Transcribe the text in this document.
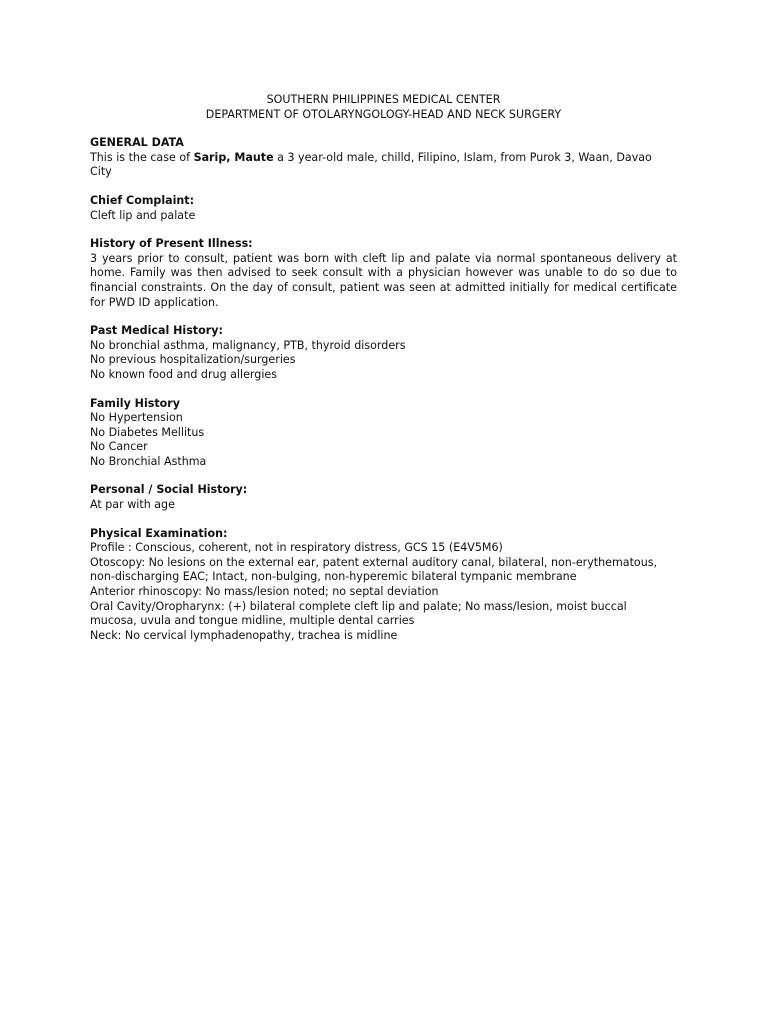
SOUTHERN PHILIPPINES MEDICAL CENTER
DEPARTMENT OF OTOLARYNGOLOGY-HEAD AND NECK SURGERY
GENERAL DATA
This is the case of Sarip, Maute a 3 year-old male, chilld, Filipino, Islam, from Purok 3, Waan, Davao City
Chief Complaint:
Cleft lip and palate
History of Present Illness:
3 years prior to consult, patient was born with cleft lip and palate via normal spontaneous delivery at home. Family was then advised to seek consult with a physician however was unable to do so due to financial constraints. On the day of consult, patient was seen at admitted initially for medical certificate for PWD ID application.
Past Medical History:
No bronchial asthma, malignancy, PTB, thyroid disorders
No previous hospitalization/surgeries
No known food and drug allergies
Family History
No Hypertension
No Diabetes Mellitus
No Cancer
No Bronchial Asthma
Personal / Social History:
At par with age
Physical Examination:
Profile : Conscious, coherent, not in respiratory distress, GCS 15 (E4V5M6)
Otoscopy: No lesions on the external ear, patent external auditory canal, bilateral, non-erythematous, non-discharging EAC; Intact, non-bulging, non-hyperemic bilateral tympanic membrane
Anterior rhinoscopy: No mass/lesion noted; no septal deviation
Oral Cavity/Oropharynx: (+) bilateral complete cleft lip and palate; No mass/lesion, moist buccal mucosa, uvula and tongue midline, multiple dental carries
Neck: No cervical lymphadenopathy, trachea is midline
